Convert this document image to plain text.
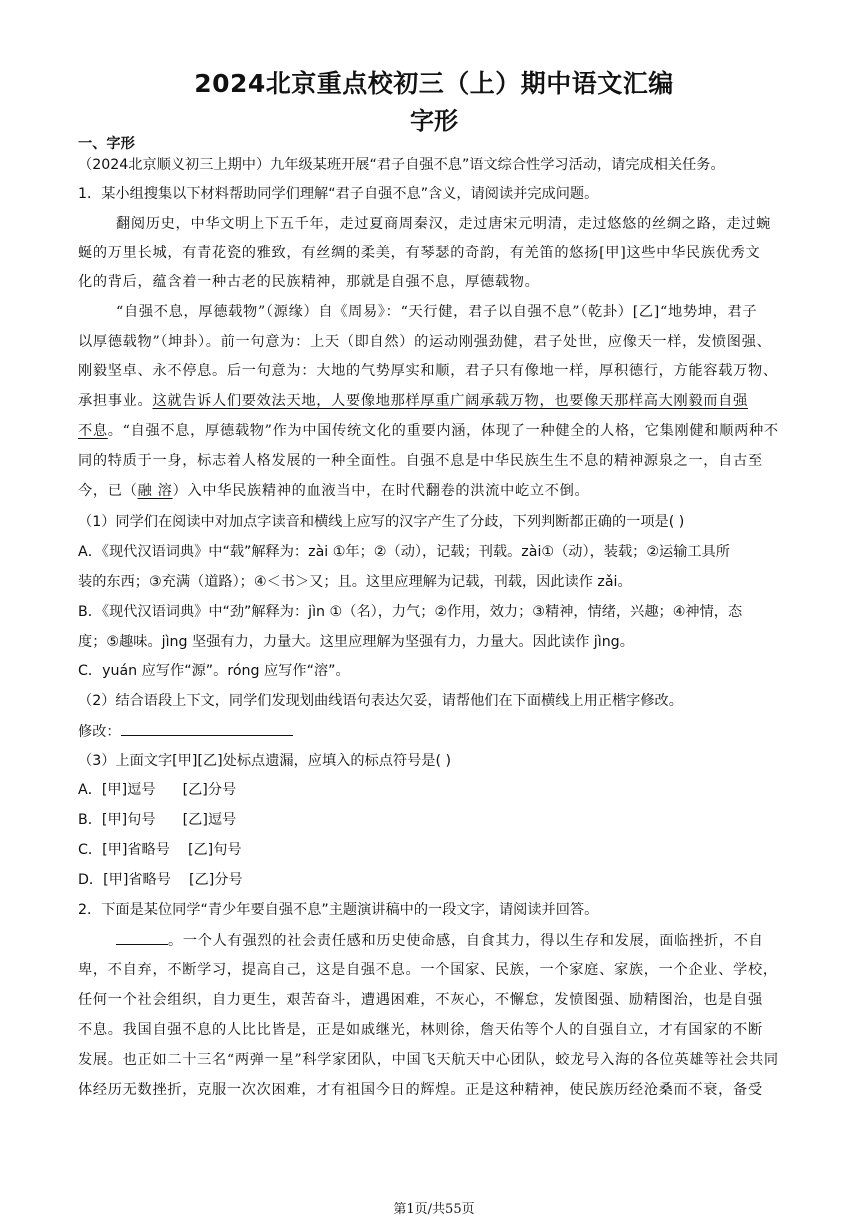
2024北京重点校初三（上）期中语文汇编
字形
一、字形
（2024北京顺义初三上期中）九年级某班开展“君子自强不息”语文综合性学习活动，请完成相关任务。
1．某小组搜集以下材料帮助同学们理解“君子自强不息”含义，请阅读并完成问题。
翻阅历史，中华文明上下五千年，走过夏商周秦汉，走过唐宋元明清，走过悠悠的丝绸之路，走过蜿
蜒的万里长城，有青花瓷的雅致，有丝绸的柔美，有琴瑟的奇韵，有羌笛的悠扬[甲]这些中华民族优秀文
化的背后，蕴含着一种古老的民族精神，那就是自强不息，厚德载物。
“自强不息，厚德载物”（源缘）自《周易》：“天行健，君子以自强不息”（乾卦）[乙]“地势坤，君子
以厚德载物”（坤卦）。前一句意为：上天（即自然）的运动刚强劲健，君子处世，应像天一样，发愤图强、
刚毅坚卓、永不停息。后一句意为：大地的气势厚实和顺，君子只有像地一样，厚积德行，方能容载万物、
承担事业。这就告诉人们要效法天地，人要像地那样厚重广阔承载万物，也要像天那样高大刚毅而自强
不息。“自强不息，厚德载物”作为中国传统文化的重要内涵，体现了一种健全的人格，它集刚健和顺两种不
同的特质于一身，标志着人格发展的一种全面性。自强不息是中华民族生生不息的精神源泉之一，自古至
今，已（融 溶）入中华民族精神的血液当中，在时代翻卷的洪流中屹立不倒。
（1）同学们在阅读中对加点字读音和横线上应写的汉字产生了分歧，下列判断都正确的一项是( )
A．《现代汉语词典》中“载”解释为：zài ①年；②（动），记载；刊载。zài①（动），装载；②运输工具所
装的东西；③充满（道路）；④＜书＞又；且。这里应理解为记载，刊载，因此读作 zǎi。
B．《现代汉语词典》中“劲”解释为：jìn ①（名），力气；②作用，效力；③精神，情绪，兴趣；④神情，态
度；⑤趣味。jìng 坚强有力，力量大。这里应理解为坚强有力，力量大。因此读作 jìng。
C．yuán 应写作“源”。róng 应写作“溶”。
（2）结合语段上下文，同学们发现划曲线语句表达欠妥，请帮他们在下面横线上用正楷字修改。
修改：
（3）上面文字[甲][乙]处标点遗漏，应填入的标点符号是( )
A．[甲]逗号      [乙]分号
B．[甲]句号      [乙]逗号
C．[甲]省略号    [乙]句号
D．[甲]省略号    [乙]分号
2．下面是某位同学“青少年要自强不息”主题演讲稿中的一段文字，请阅读并回答。
。一个人有强烈的社会责任感和历史使命感，自食其力，得以生存和发展，面临挫折，不自
卑，不自弃，不断学习，提高自己，这是自强不息。一个国家、民族，一个家庭、家族，一个企业、学校，
任何一个社会组织，自力更生，艰苦奋斗，遭遇困难，不灰心，不懈怠，发愤图强、励精图治，也是自强
不息。我国自强不息的人比比皆是，正是如戚继光，林则徐，詹天佑等个人的自强自立，才有国家的不断
发展。也正如二十三名“两弹一星”科学家团队，中国飞天航天中心团队，蛟龙号入海的各位英雄等社会共同
体经历无数挫折，克服一次次困难，才有祖国今日的辉煌。正是这种精神，使民族历经沧桑而不衰，备受
第1页/共55页
